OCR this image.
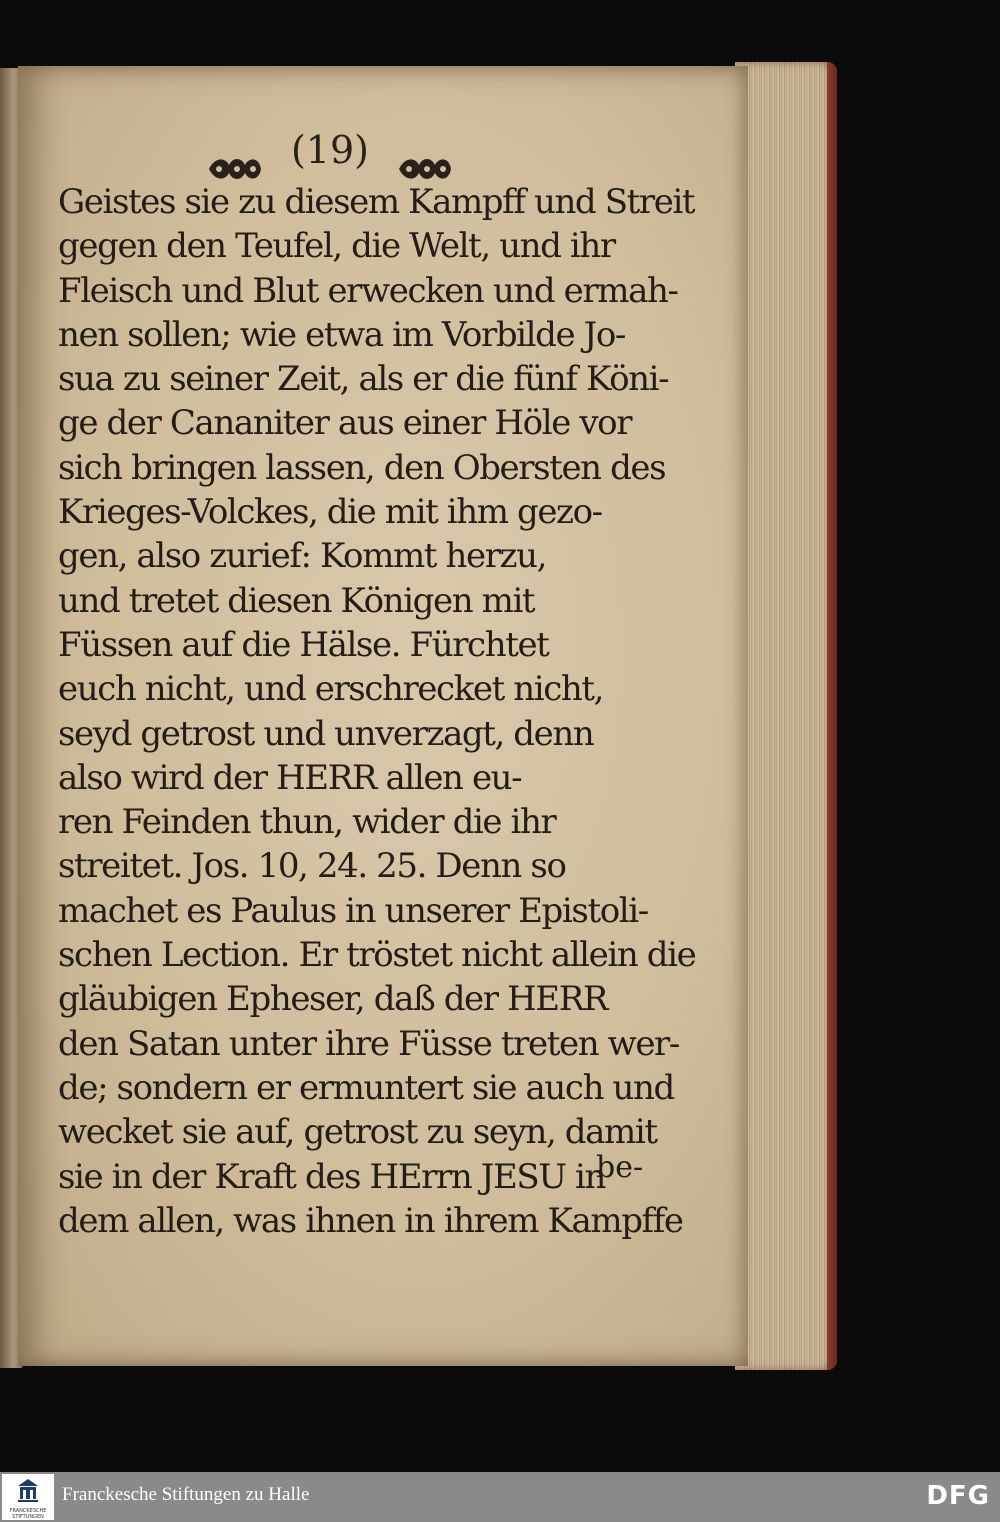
(19)
Geistes sie zu diesem Kampff und Streit
gegen den Teufel, die Welt, und ihr
Fleisch und Blut erwecken und ermah-
nen sollen; wie etwa im Vorbilde Jo-
sua zu seiner Zeit, als er die fünf Köni-
ge der Cananiter aus einer Höle vor
sich bringen lassen, den Obersten des
Krieges-Volckes, die mit ihm gezo-
gen, also zurief: Kommt herzu,
und tretet diesen Königen mit
Füssen auf die Hälse. Fürchtet
euch nicht, und erschrecket nicht,
seyd getrost und unverzagt, denn
also wird der HERR allen eu-
ren Feinden thun, wider die ihr
streitet. Jos. 10, 24. 25. Denn so
machet es Paulus in unserer Epistoli-
schen Lection. Er tröstet nicht allein die
gläubigen Epheser, daß der HERR
den Satan unter ihre Füsse treten wer-
de; sondern er ermuntert sie auch und
wecket sie auf, getrost zu seyn, damit
sie in der Kraft des HErrn JESU in
dem allen, was ihnen in ihrem Kampffe
be-
FRANCKESCHE
STIFTUNGEN
Franckesche Stiftungen zu Halle	DFG
